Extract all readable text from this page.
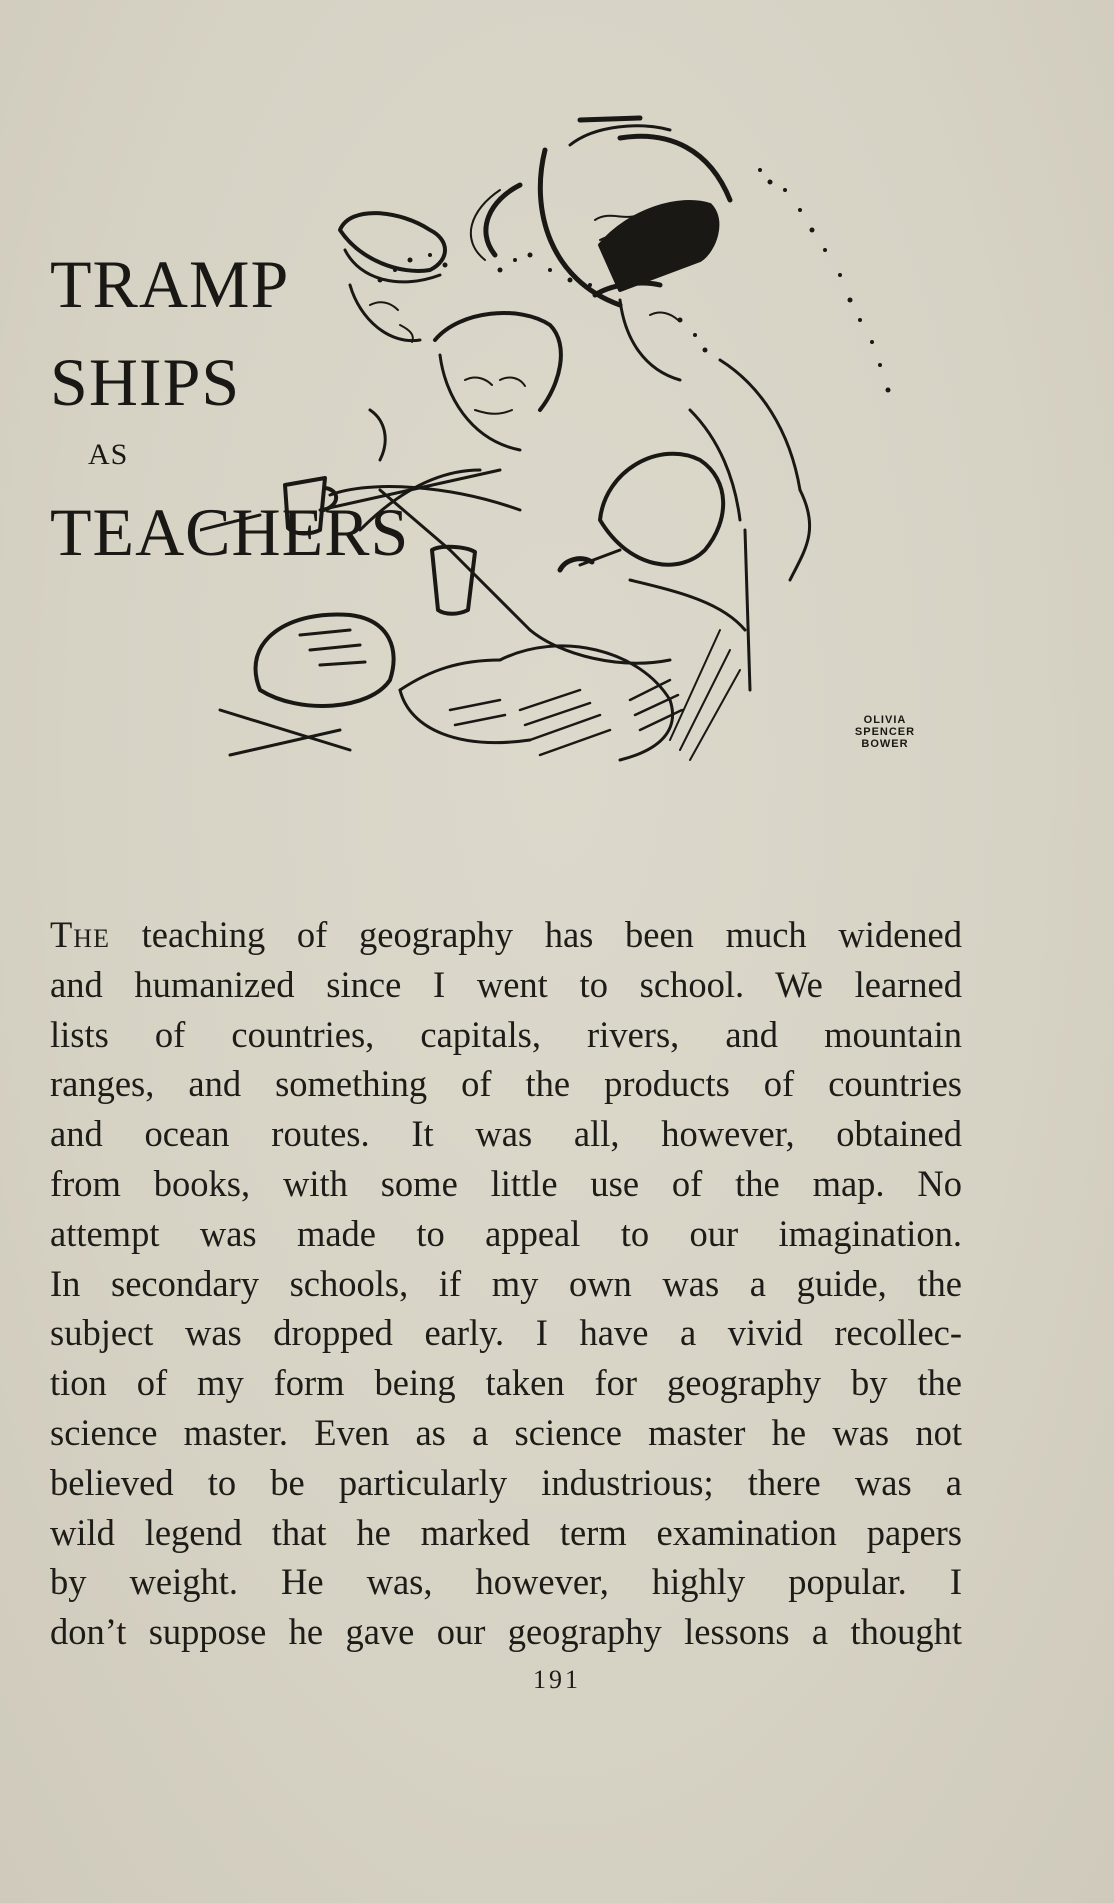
TRAMP
SHIPS
AS
TEACHERS
OLIVIA
SPENCER
BOWER
The teaching of geography has been much widened
and humanized since I went to school. We learned
lists of countries, capitals, rivers, and mountain
ranges, and something of the products of countries
and ocean routes. It was all, however, obtained
from books, with some little use of the map. No
attempt was made to appeal to our imagination.
In secondary schools, if my own was a guide, the
subject was dropped early. I have a vivid recollec-
tion of my form being taken for geography by the
science master. Even as a science master he was not
believed to be particularly industrious; there was a
wild legend that he marked term examination papers
by weight. He was, however, highly popular. I
don’t suppose he gave our geography lessons a thought
191
